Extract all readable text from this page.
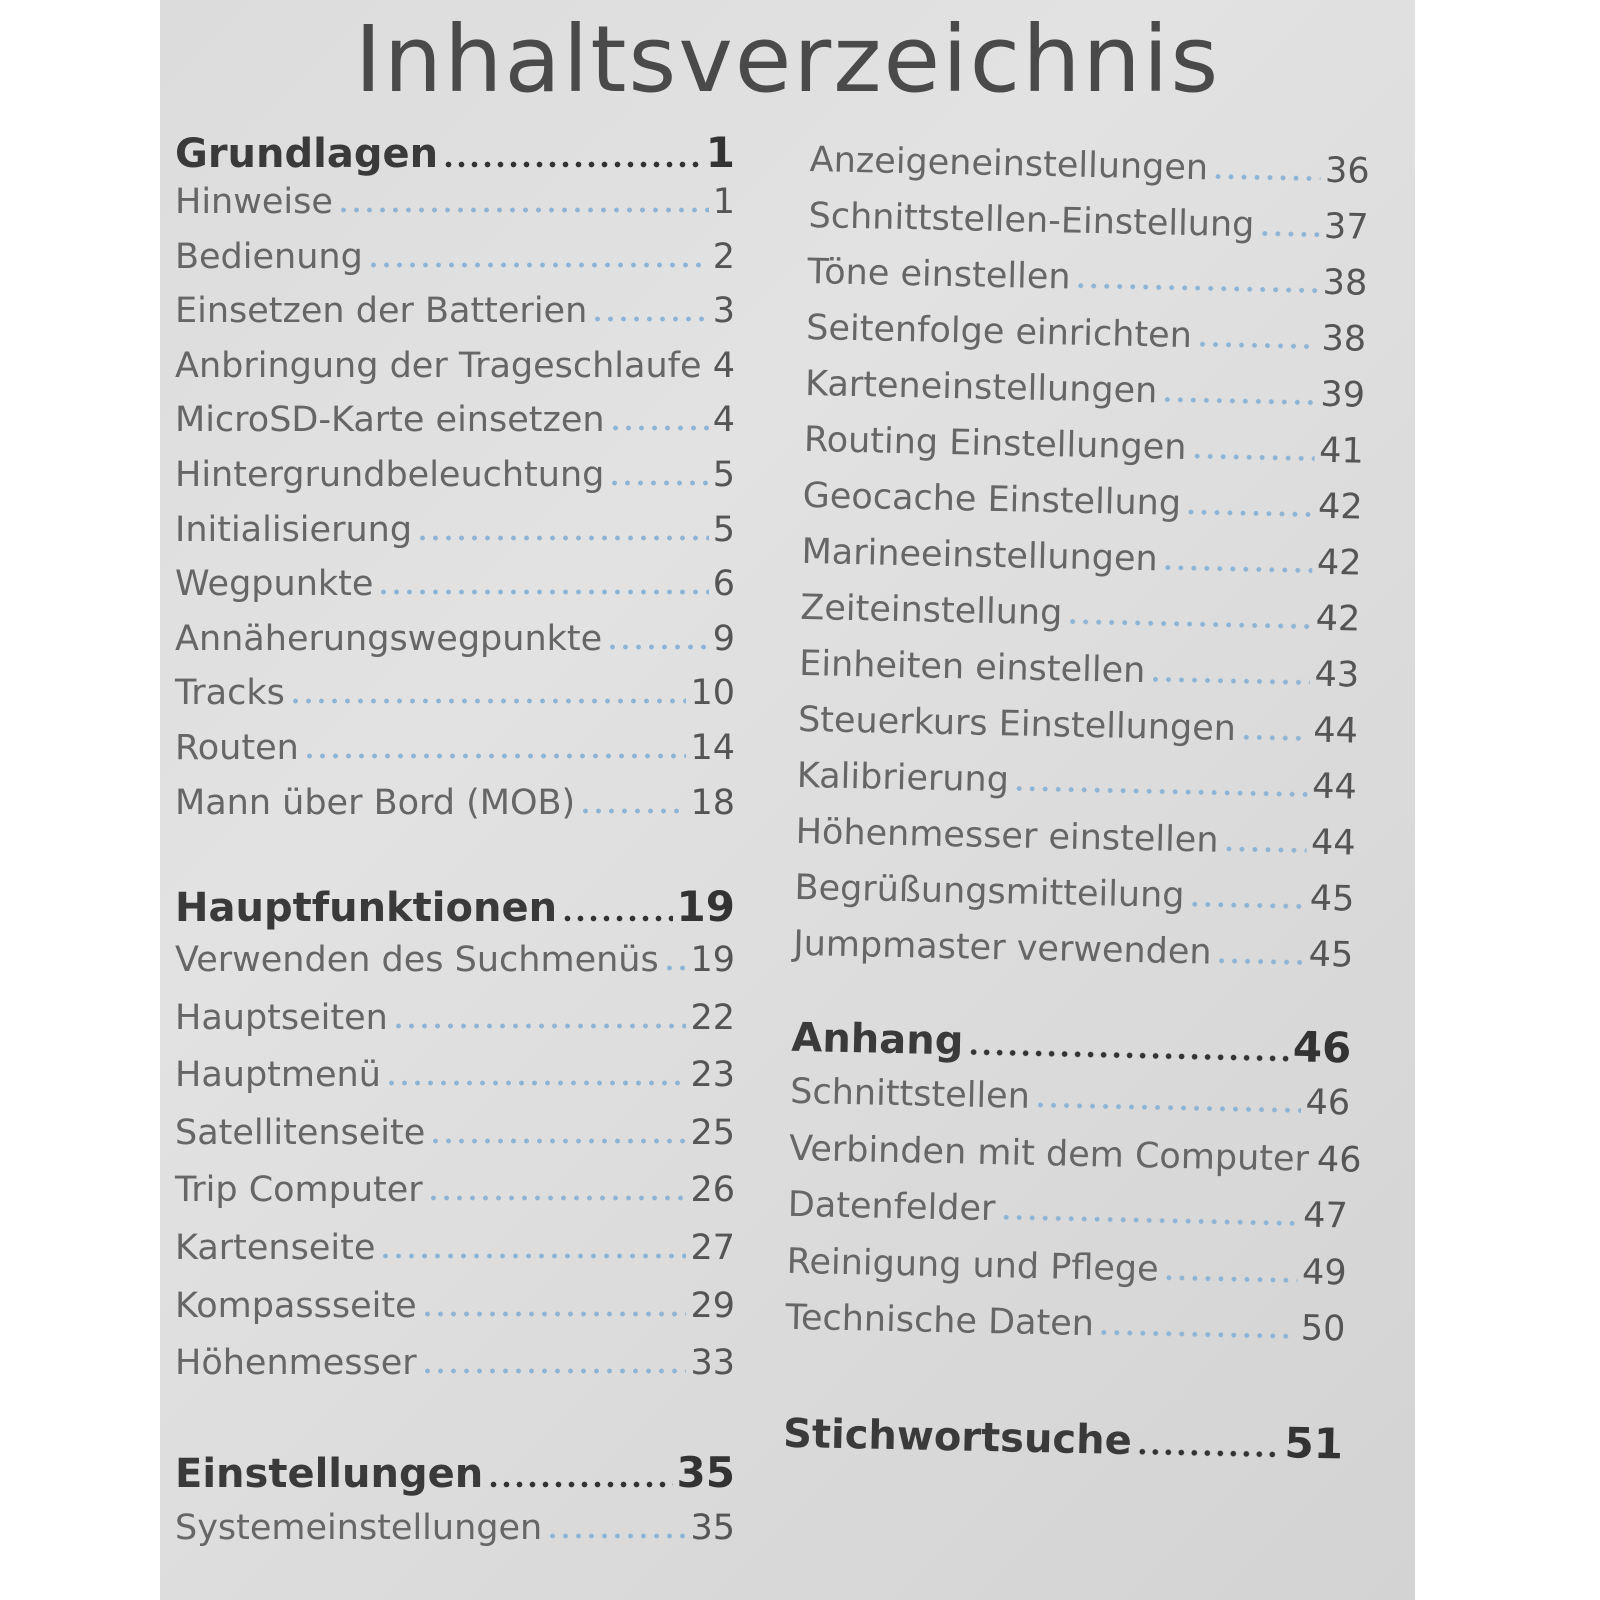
Inhaltsverzeichnis
Grundlagen	1
Hinweise	1
Bedienung	2
Einsetzen der Batterien	3
Anbringung der Trageschlaufe 4
MicroSD-Karte einsetzen	4
Hintergrundbeleuchtung	5
Initialisierung	5
Wegpunkte	6
Annäherungswegpunkte	9
Tracks	10
Routen	14
Mann über Bord (MOB)	18
Hauptfunktionen	19
Verwenden des Suchmenüs 19
Hauptseiten	22
Hauptmenü	23
Satellitenseite	25
Trip Computer	26
Kartenseite	27
Kompassseite	29
Höhenmesser	33
Einstellungen	35
Systemeinstellungen	35
Anzeigeneinstellungen	36
Schnittstellen-Einstellung 37
Töne einstellen	38
Seitenfolge einrichten	38
Karteneinstellungen	39
Routing Einstellungen	41
Geocache Einstellung	42
Marineeinstellungen	42
Zeiteinstellung	42
Einheiten einstellen	43
Steuerkurs Einstellungen 44
Kalibrierung	44
Höhenmesser einstellen	44
Begrüßungsmitteilung	45
Jumpmaster verwenden	45
Anhang	46
Schnittstellen	46
Verbinden mit dem Computer 46
Datenfelder	47
Reinigung und Pflege	49
Technische Daten	50
Stichwortsuche	51
